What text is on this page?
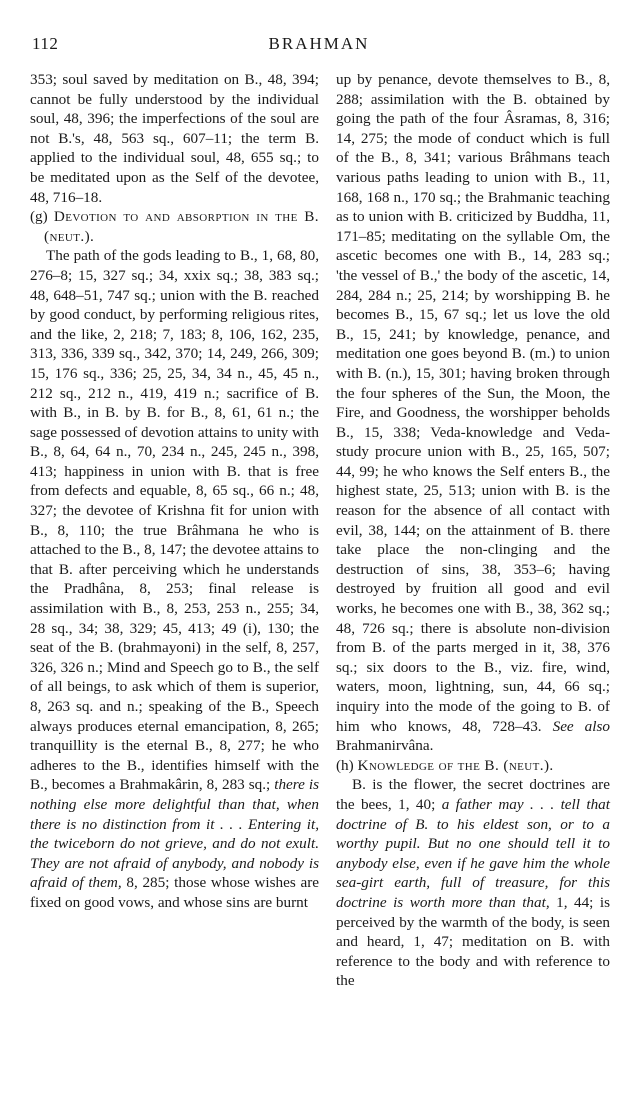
112	BRAHMAN

353; soul saved by meditation on B., 48, 394; cannot be fully understood by the individual soul, 48, 396; the imperfections of the soul are not B.'s, 48, 563 sq., 607–11; the term B. applied to the individual soul, 48, 655 sq.; to be meditated upon as the Self of the devotee, 48, 716–18.

(g) Devotion to and absorption in the B. (neut.).

The path of the gods leading to B., 1, 68, 80, 276–8; 15, 327 sq.; 34, xxix sq.; 38, 383 sq.; 48, 648–51, 747 sq.; union with the B. reached by good conduct, by performing religious rites, and the like, 2, 218; 7, 183; 8, 106, 162, 235, 313, 336, 339 sq., 342, 370; 14, 249, 266, 309; 15, 176 sq., 336; 25, 25, 34, 34 n., 45, 45 n., 212 sq., 212 n., 419, 419 n.; sacrifice of B. with B., in B. by B. for B., 8, 61, 61 n.; the sage possessed of devotion attains to unity with B., 8, 64, 64 n., 70, 234 n., 245, 245 n., 398, 413; happiness in union with B. that is free from defects and equable, 8, 65 sq., 66 n.; 48, 327; the devotee of Krishna fit for union with B., 8, 110; the true Brâhmana he who is attached to the B., 8, 147; the devotee attains to that B. after perceiving which he understands the Pradhâna, 8, 253; final release is assimilation with B., 8, 253, 253 n., 255; 34, 28 sq., 34; 38, 329; 45, 413; 49 (i), 130; the seat of the B. (brahmayoni) in the self, 8, 257, 326, 326 n.; Mind and Speech go to B., the self of all beings, to ask which of them is superior, 8, 263 sq. and n.; speaking of the B., Speech always produces eternal emancipation, 8, 265; tranquillity is the eternal B., 8, 277; he who adheres to the B., identifies himself with the B., becomes a Brahmakârin, 8, 283 sq.; there is nothing else more delightful than that, when there is no distinction from it . . . Entering it, the twiceborn do not grieve, and do not exult. They are not afraid of anybody, and nobody is afraid of them, 8, 285; those whose wishes are fixed on good vows, and whose sins are burnt

up by penance, devote themselves to B., 8, 288; assimilation with the B. obtained by going the path of the four Âsramas, 8, 316; 14, 275; the mode of conduct which is full of the B., 8, 341; various Brâhmans teach various paths leading to union with B., 11, 168, 168 n., 170 sq.; the Brahmanic teaching as to union with B. criticized by Buddha, 11, 171–85; meditating on the syllable Om, the ascetic becomes one with B., 14, 283 sq.; 'the vessel of B.,' the body of the ascetic, 14, 284, 284 n.; 25, 214; by worshipping B. he becomes B., 15, 67 sq.; let us love the old B., 15, 241; by knowledge, penance, and meditation one goes beyond B. (m.) to union with B. (n.), 15, 301; having broken through the four spheres of the Sun, the Moon, the Fire, and Goodness, the worshipper beholds B., 15, 338; Veda-knowledge and Veda-study procure union with B., 25, 165, 507; 44, 99; he who knows the Self enters B., the highest state, 25, 513; union with B. is the reason for the absence of all contact with evil, 38, 144; on the attainment of B. there take place the non-clinging and the destruction of sins, 38, 353–6; having destroyed by fruition all good and evil works, he becomes one with B., 38, 362 sq.; 48, 726 sq.; there is absolute non-division from B. of the parts merged in it, 38, 376 sq.; six doors to the B., viz. fire, wind, waters, moon, lightning, sun, 44, 66 sq.; inquiry into the mode of the going to B. of him who knows, 48, 728–43. See also Brahmanirvâna.

(h) Knowledge of the B. (neut.).

B. is the flower, the secret doctrines are the bees, 1, 40; a father may . . . tell that doctrine of B. to his eldest son, or to a worthy pupil. But no one should tell it to anybody else, even if he gave him the whole sea-girt earth, full of treasure, for this doctrine is worth more than that, 1, 44; is perceived by the warmth of the body, is seen and heard, 1, 47; meditation on B. with reference to the body and with reference to the
